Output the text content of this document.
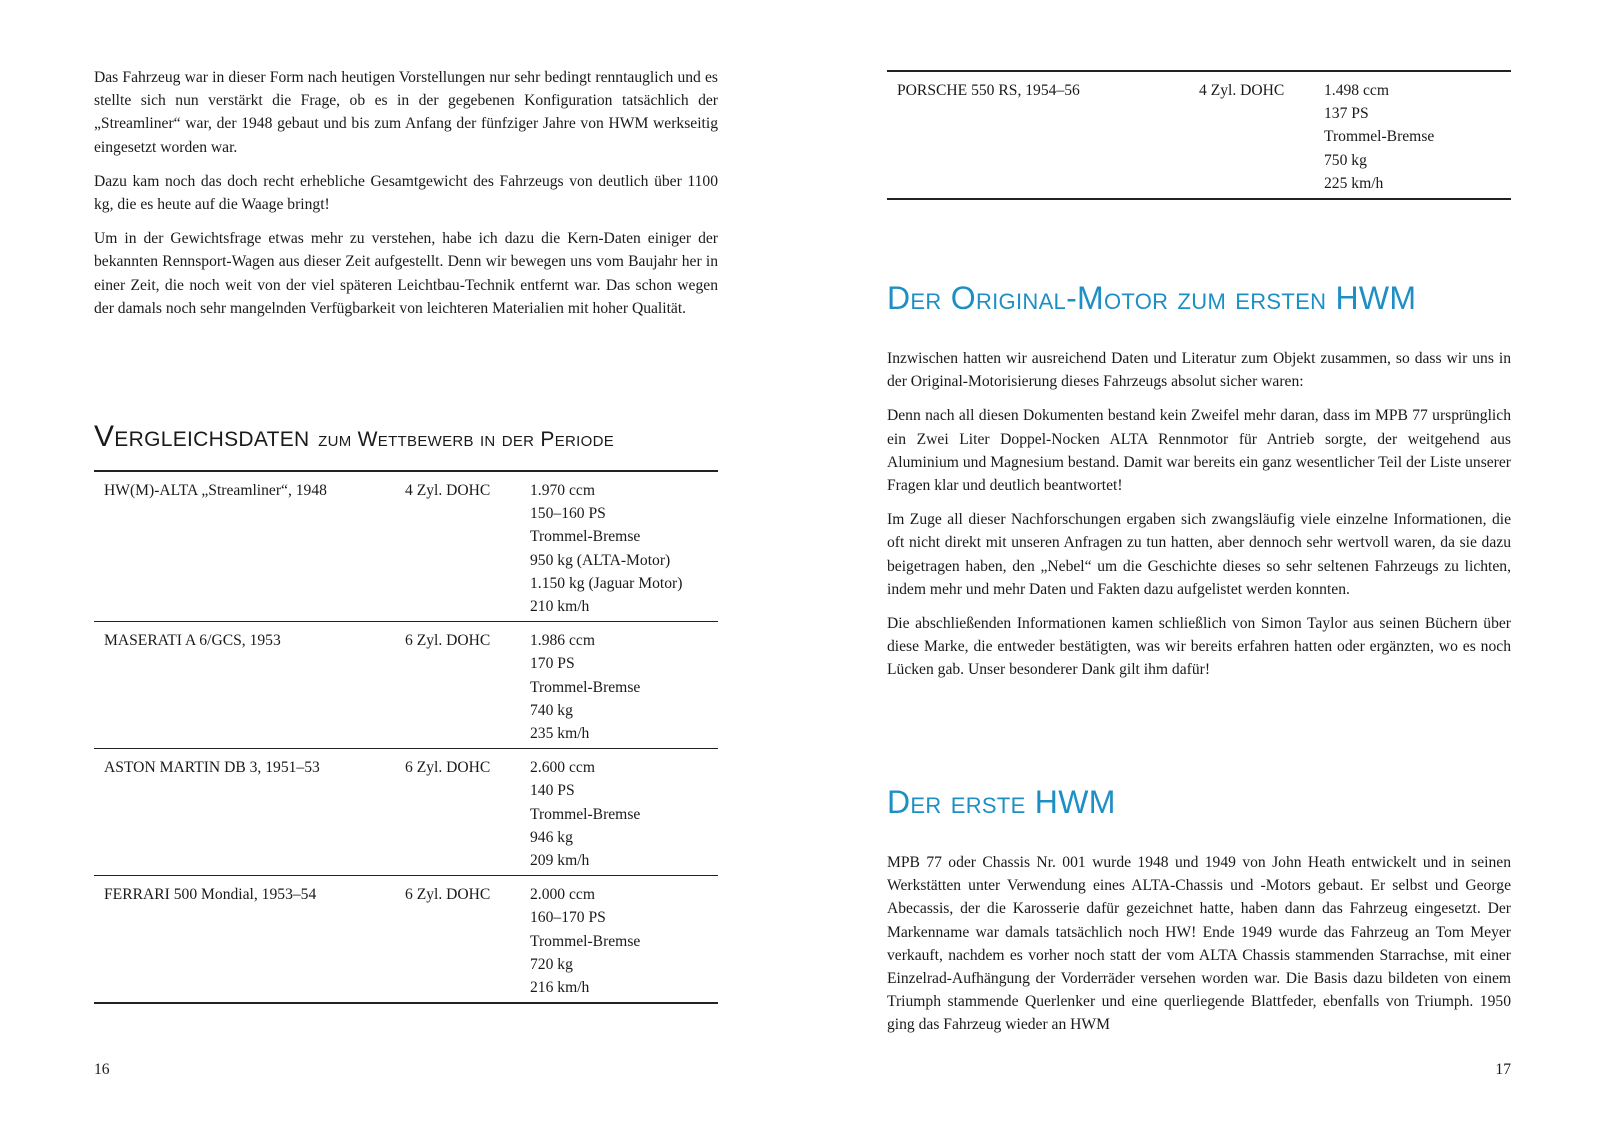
Das Fahrzeug war in dieser Form nach heutigen Vorstellungen nur sehr bedingt renntauglich und es stellte sich nun verstärkt die Frage, ob es in der gegebenen Konfiguration tatsächlich der „Streamliner“ war, der 1948 gebaut und bis zum Anfang der fünfziger Jahre von HWM werkseitig eingesetzt worden war.

Dazu kam noch das doch recht erhebliche Gesamtgewicht des Fahrzeugs von deutlich über 1100 kg, die es heute auf die Waage bringt!

Um in der Gewichtsfrage etwas mehr zu verstehen, habe ich dazu die Kern-Daten einiger der bekannten Rennsport-Wagen aus dieser Zeit aufgestellt. Denn wir bewegen uns vom Baujahr her in einer Zeit, die noch weit von der viel späteren Leichtbau-Technik entfernt war. Das schon wegen der damals noch sehr mangelnden Verfügbarkeit von leichteren Materialien mit hoher Qualität.

Vergleichsdaten zum Wettbewerb in der Periode
HW(M)-ALTA „Streamliner“, 1948	4 Zyl. DOHC	1.970 ccm
150–160 PS
Trommel-Bremse
950 kg (ALTA-Motor)
1.150 kg (Jaguar Motor)
210 km/h
MASERATI A 6/GCS, 1953	6 Zyl. DOHC	1.986 ccm
170 PS
Trommel-Bremse
740 kg
235 km/h
ASTON MARTIN DB 3, 1951–53	6 Zyl. DOHC	2.600 ccm
140 PS
Trommel-Bremse
946 kg
209 km/h
FERRARI 500 Mondial, 1953–54	6 Zyl. DOHC	2.000 ccm
160–170 PS
Trommel-Bremse
720 kg
216 km/h
16
PORSCHE 550 RS, 1954–56	4 Zyl. DOHC	1.498 ccm
137 PS
Trommel-Bremse
750 kg
225 km/h
Der Original-Motor zum ersten HWM

Inzwischen hatten wir ausreichend Daten und Literatur zum Objekt zusammen, so dass wir uns in der Original-Motorisierung dieses Fahrzeugs absolut sicher waren:

Denn nach all diesen Dokumenten bestand kein Zweifel mehr daran, dass im MPB 77 ursprünglich ein Zwei Liter Doppel-Nocken ALTA Rennmotor für Antrieb sorgte, der weitgehend aus Aluminium und Magnesium bestand. Damit war bereits ein ganz wesentlicher Teil der Liste unserer Fragen klar und deutlich beantwortet!

Im Zuge all dieser Nachforschungen ergaben sich zwangsläufig viele einzelne Informationen, die oft nicht direkt mit unseren Anfragen zu tun hatten, aber dennoch sehr wertvoll waren, da sie dazu beigetragen haben, den „Nebel“ um die Geschichte dieses so sehr seltenen Fahrzeugs zu lichten, indem mehr und mehr Daten und Fakten dazu aufgelistet werden konnten.

Die abschließenden Informationen kamen schließlich von Simon Taylor aus seinen Büchern über diese Marke, die entweder bestätigten, was wir bereits erfahren hatten oder ergänzten, wo es noch Lücken gab. Unser besonderer Dank gilt ihm dafür!

Der erste HWM

MPB 77 oder Chassis Nr. 001 wurde 1948 und 1949 von John Heath entwickelt und in seinen Werkstätten unter Verwendung eines ALTA-Chassis und -Motors gebaut. Er selbst und George Abecassis, der die Karosserie dafür gezeichnet hatte, haben dann das Fahrzeug eingesetzt. Der Markenname war damals tatsächlich noch HW! Ende 1949 wurde das Fahrzeug an Tom Meyer verkauft, nachdem es vorher noch statt der vom ALTA Chassis stammenden Starrachse, mit einer Einzelrad-Aufhängung der Vorderräder versehen worden war. Die Basis dazu bildeten von einem Triumph stammende Querlenker und eine querliegende Blattfeder, ebenfalls von Triumph. 1950 ging das Fahrzeug wieder an HWM

17
